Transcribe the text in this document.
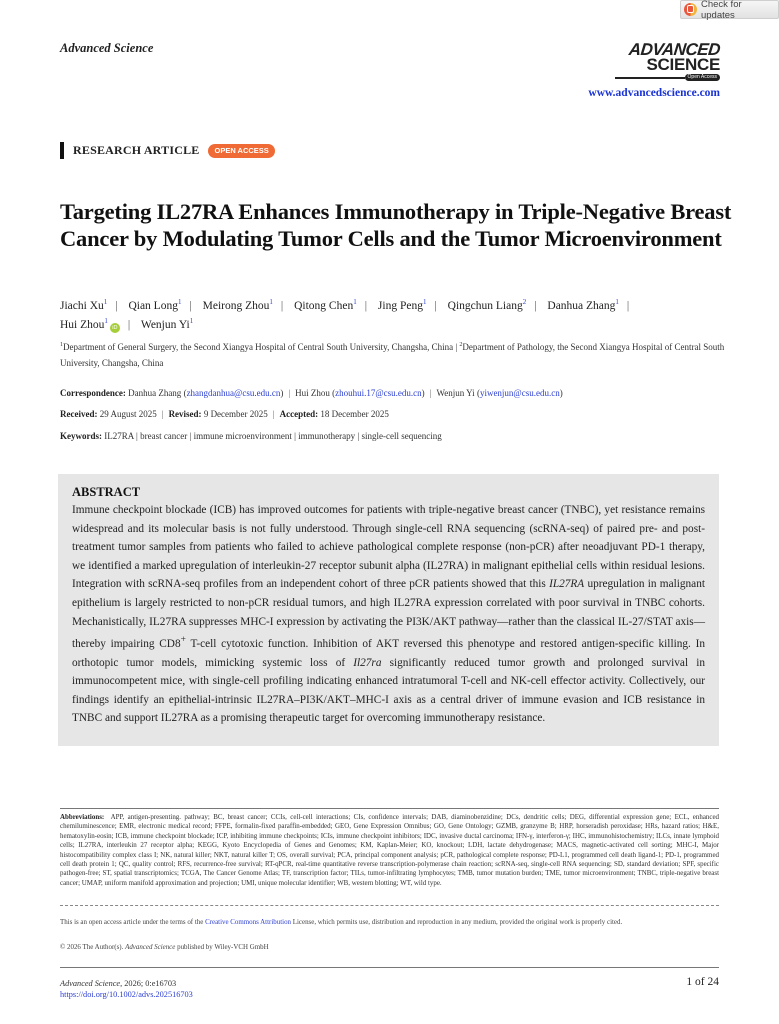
Check for updates
Advanced Science	ADVANCED
SCIENCE
Open Access
www.advancedscience.com
RESEARCH ARTICLE	OPEN ACCESS
Targeting IL27RA Enhances Immunotherapy in Triple-Negative Breast Cancer by Modulating Tumor Cells and the Tumor Microenvironment
Jiachi Xu$^1$ | Qian Long$^1$ | Meirong Zhou$^1$ | Qitong Chen$^1$ | Jing Peng$^1$ | Qingchun Liang$^2$ | Danhua Zhang$^1$ |
Hui Zhou$^1$iD | Wenjun Yi$^1$
$^1$Department of General Surgery, the Second Xiangya Hospital of Central South University, Changsha, China | $^2$Department of Pathology, the Second Xiangya Hospital of Central South University, Changsha, China
Correspondence: Danhua Zhang (zhangdanhua@csu.edu.cn) | Hui Zhou (zhouhui.17@csu.edu.cn) | Wenjun Yi (yiwenjun@csu.edu.cn)
Received: 29 August 2025 | Revised: 9 December 2025 | Accepted: 18 December 2025
Keywords: IL27RA | breast cancer | immune microenvironment | immunotherapy | single-cell sequencing
ABSTRACT

Immune checkpoint blockade (ICB) has improved outcomes for patients with triple-negative breast cancer (TNBC), yet resistance remains widespread and its molecular basis is not fully understood. Through single-cell RNA sequencing (scRNA-seq) of paired pre- and post-treatment tumor samples from patients who failed to achieve pathological complete response (non-pCR) after neoadjuvant PD-1 therapy, we identified a marked upregulation of interleukin-27 receptor subunit alpha (IL27RA) in malignant epithelial cells within residual lesions. Integration with scRNA-seq profiles from an independent cohort of three pCR patients showed that this IL27RA upregulation in malignant epithelium is largely restricted to non-pCR residual tumors, and high IL27RA expression correlated with poor survival in TNBC cohorts. Mechanistically, IL27RA suppresses MHC-I expression by activating the PI3K/AKT pathway—rather than the classical IL-27/STAT axis—thereby impairing CD8+ T-cell cytotoxic function. Inhibition of AKT reversed this phenotype and restored antigen-specific killing. In orthotopic tumor models, mimicking systemic loss of Il27ra significantly reduced tumor growth and prolonged survival in immunocompetent mice, with single-cell profiling indicating enhanced intratumoral T-cell and NK-cell effector activity. Collectively, our findings identify an epithelial-intrinsic IL27RA–PI3K/AKT–MHC-I axis as a central driver of immune evasion and ICB resistance in TNBC and support IL27RA as a promising therapeutic target for overcoming immunotherapy resistance.

Abbreviations: APP, antigen-presenting. pathway; BC, breast cancer; CCIs, cell-cell interactions; CIs, confidence intervals; DAB, diaminobenzidine; DCs, dendritic cells; DEG, differential expression gene; ECL, enhanced chemiluminescence; EMR, electronic medical record; FFPE, formalin-fixed paraffin-embedded; GEO, Gene Expression Omnibus; GO, Gene Ontology; GZMB, granzyme B; HRP, horseradish peroxidase; HRs, hazard ratios; H&E, hematoxylin-eosin; ICB, immune checkpoint blockade; ICP, inhibiting immune checkpoints; ICIs, immune checkpoint inhibitors; IDC, invasive ductal carcinoma; IFN-γ, interferon-γ; IHC, immunohistochemistry; ILCs, innate lymphoid cells; IL27RA, interleukin 27 receptor alpha; KEGG, Kyoto Encyclopedia of Genes and Genomes; KM, Kaplan-Meier; KO, knockout; LDH, lactate dehydrogenase; MACS, magnetic-activated cell sorting; MHC-I, Major histocompatibility complex class I; NK, natural killer; NKT, natural killer T; OS, overall survival; PCA, principal component analysis; pCR, pathological complete response; PD-L1, programmed cell death ligand-1; PD-1, programmed cell death protein 1; QC, quality control; RFS, recurrence-free survival; RT-qPCR, real-time quantitative reverse transcription-polymerase chain reaction; scRNA-seq, single-cell RNA sequencing; SD, standard deviation; SPF, specific pathogen-free; ST, spatial transcriptomics; TCGA, The Cancer Genome Atlas; TF, transcription factor; TILs, tumor-infiltrating lymphocytes; TMB, tumor mutation burden; TME, tumor microenvironment; TNBC, triple-negative breast cancer; UMAP, uniform manifold approximation and projection; UMI, unique molecular identifier; WB, western blotting; WT, wild type.
This is an open access article under the terms of the Creative Commons Attribution License, which permits use, distribution and reproduction in any medium, provided the original work is properly cited.
© 2026 The Author(s). Advanced Science published by Wiley-VCH GmbH
Advanced Science, 2026; 0:e16703
https://doi.org/10.1002/advs.202516703
1 of 24
